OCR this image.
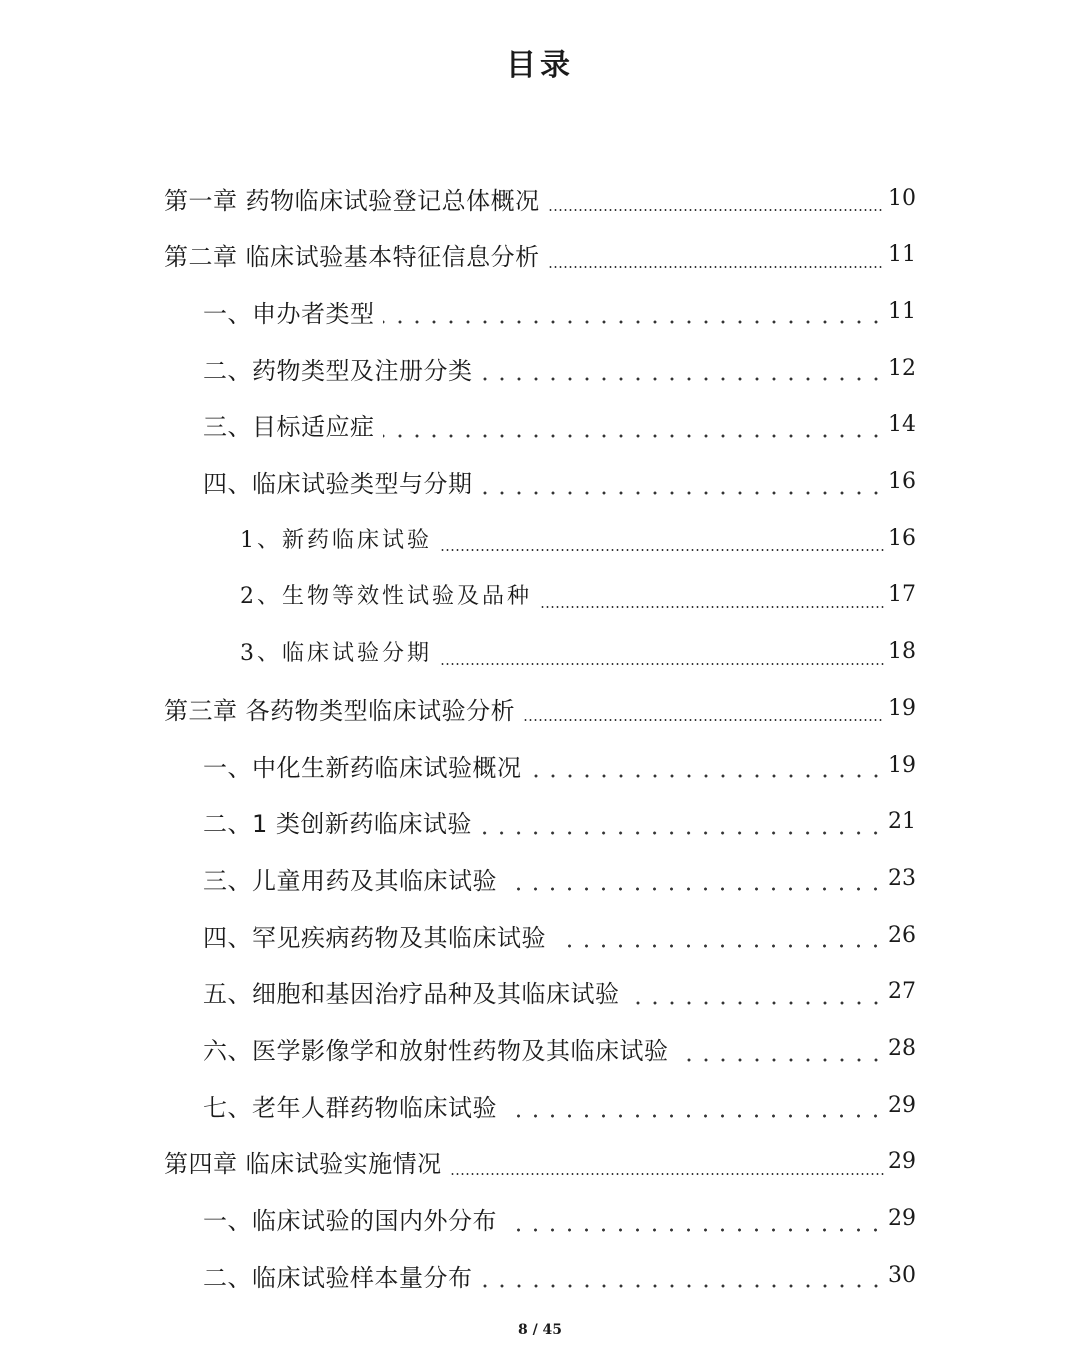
目录
第一章 药物临床试验登记总体概况	10
第二章 临床试验基本特征信息分析	11
一、申办者类型	11
二、药物类型及注册分类	12
三、目标适应症	14
四、临床试验类型与分期	16
1、新药临床试验	16
2、生物等效性试验及品种	17
3、临床试验分期	18
第三章 各药物类型临床试验分析	19
一、中化生新药临床试验概况	19
二、1 类创新药临床试验	21
三、儿童用药及其临床试验	23
四、罕见疾病药物及其临床试验	26
五、细胞和基因治疗品种及其临床试验	27
六、医学影像学和放射性药物及其临床试验	28
七、老年人群药物临床试验	29
第四章 临床试验实施情况	29
一、临床试验的国内外分布	29
二、临床试验样本量分布	30
8 / 45
